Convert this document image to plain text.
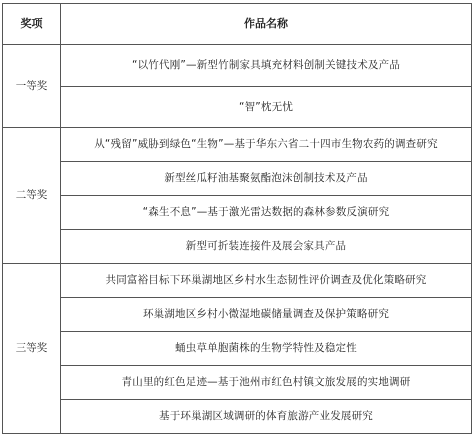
奖项	作品名称
一等奖	“以竹代刚”—新型竹制家具填充材料创制关键技术及产品
	“智”枕无忧
二等奖	从“残留”威胁到绿色“生物”—基于华东六省二十四市生物农药的调查研究
	新型丝瓜籽油基聚氨酯泡沫创制技术及产品
	“森生不息”—基于激光雷达数据的森林参数反演研究
	新型可折装连接件及展会家具产品
三等奖	共同富裕目标下环巢湖地区乡村水生态韧性评价调查及优化策略研究
	环巢湖地区乡村小微湿地碳储量调查及保护策略研究
	蛹虫草单胞菌株的生物学特性及稳定性
	青山里的红色足迹—基于池州市红色村镇文旅发展的实地调研
	基于环巢湖区域调研的体育旅游产业发展研究
